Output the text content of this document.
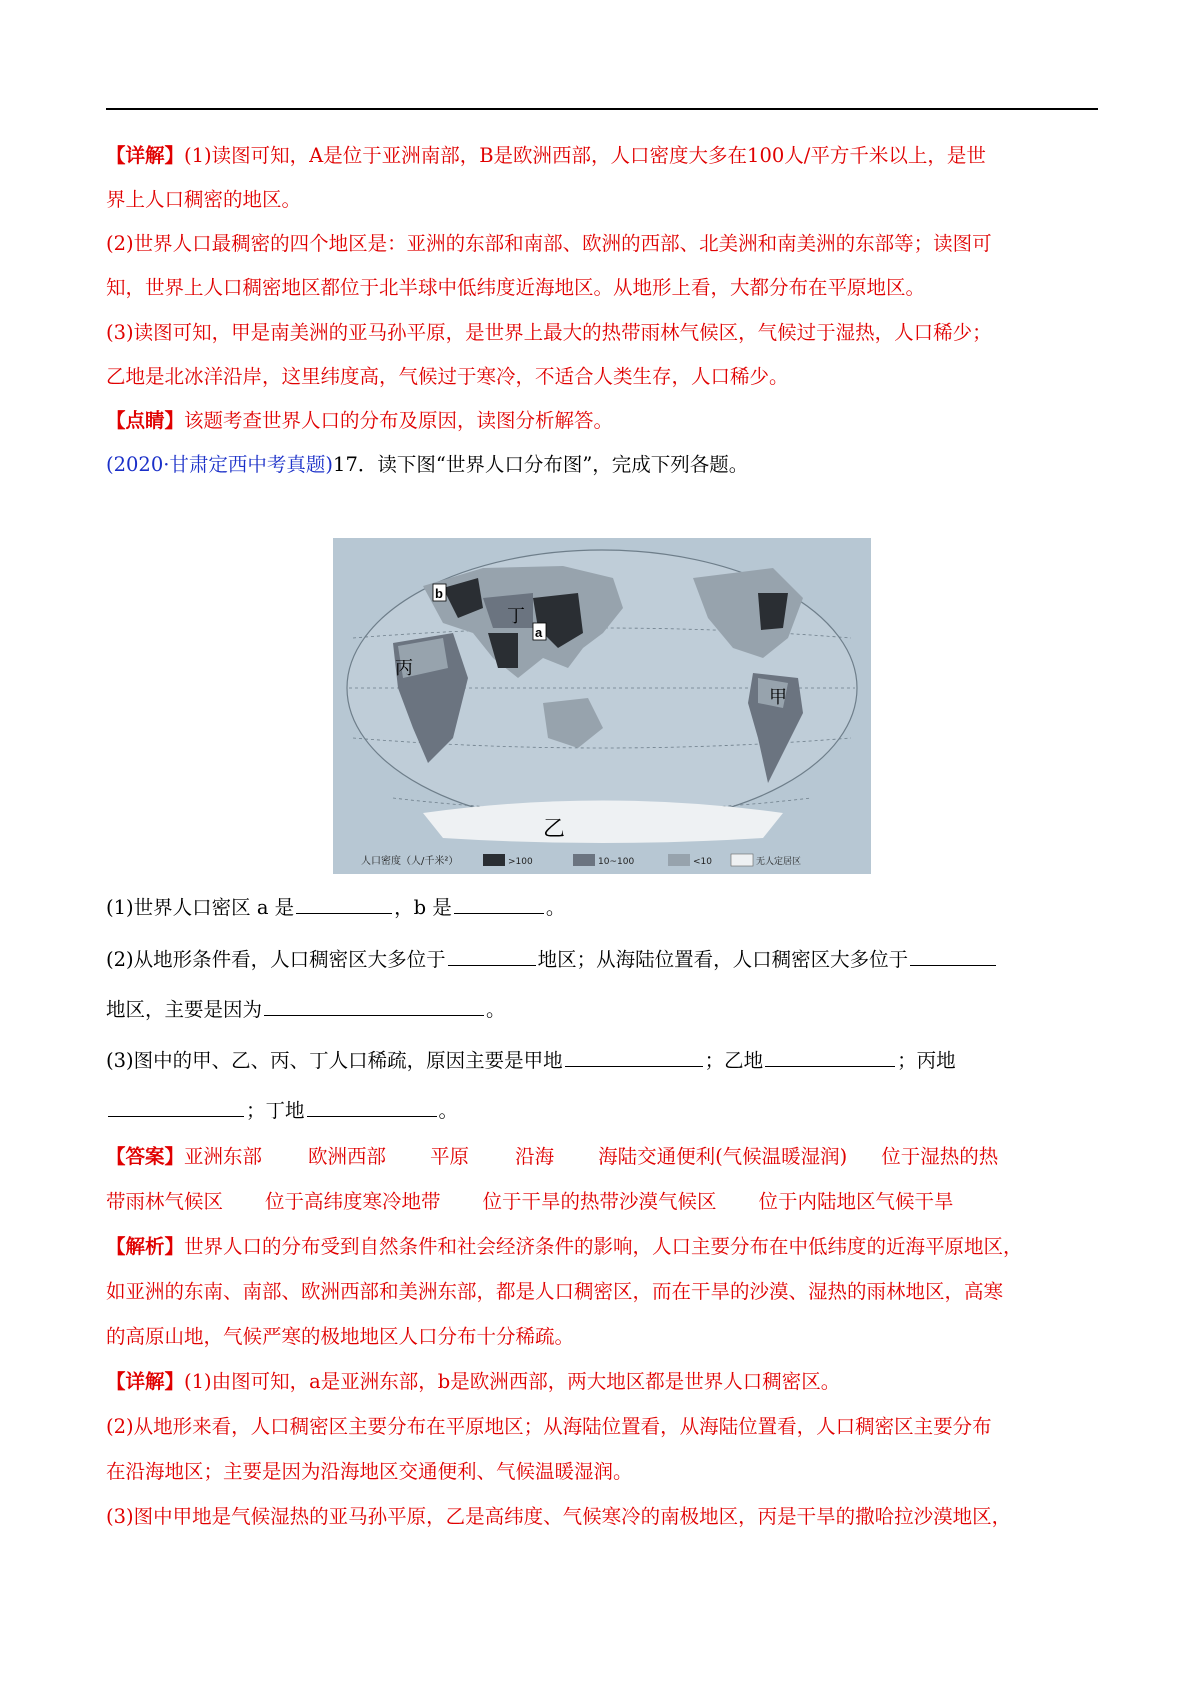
【详解】(1)读图可知，A是位于亚洲南部，B是欧洲西部，人口密度大多在100人/平方千米以上，是世
界上人口稠密的地区。
(2)世界人口最稠密的四个地区是：亚洲的东部和南部、欧洲的西部、北美洲和南美洲的东部等；读图可
知，世界上人口稠密地区都位于北半球中低纬度近海地区。从地形上看，大都分布在平原地区。
(3)读图可知，甲是南美洲的亚马孙平原，是世界上最大的热带雨林气候区，气候过于湿热，人口稀少；
乙地是北冰洋沿岸，这里纬度高，气候过于寒冷，不适合人类生存，人口稀少。
【点睛】该题考查世界人口的分布及原因，读图分析解答。
(2020·甘肃定西中考真题)17．读下图“世界人口分布图”，完成下列各题。
b
a
丁
丙
甲
乙
人口密度（人/千米²）	>100	10~100	<10	无人定居区
(1)世界人口密区 a 是	，b 是	。
(2)从地形条件看，人口稠密区大多位于	地区；从海陆位置看，人口稠密区大多位于
地区，主要是因为	。
(3)图中的甲、乙、丙、丁人口稀疏，原因主要是甲地	；乙地	；丙地
；丁地	。
【答案】亚洲东部 欧洲西部 平原 沿海 海陆交通便利(气候温暖湿润) 位于湿热的热
带雨林气候区 位于高纬度寒冷地带 位于干旱的热带沙漠气候区 位于内陆地区气候干旱
【解析】世界人口的分布受到自然条件和社会经济条件的影响，人口主要分布在中低纬度的近海平原地区，
如亚洲的东南、南部、欧洲西部和美洲东部，都是人口稠密区，而在干旱的沙漠、湿热的雨林地区，高寒
的高原山地，气候严寒的极地地区人口分布十分稀疏。
【详解】(1)由图可知，a是亚洲东部，b是欧洲西部，两大地区都是世界人口稠密区。
(2)从地形来看，人口稠密区主要分布在平原地区；从海陆位置看，从海陆位置看，人口稠密区主要分布
在沿海地区；主要是因为沿海地区交通便利、气候温暖湿润。
(3)图中甲地是气候湿热的亚马孙平原，乙是高纬度、气候寒冷的南极地区，丙是干旱的撒哈拉沙漠地区，
